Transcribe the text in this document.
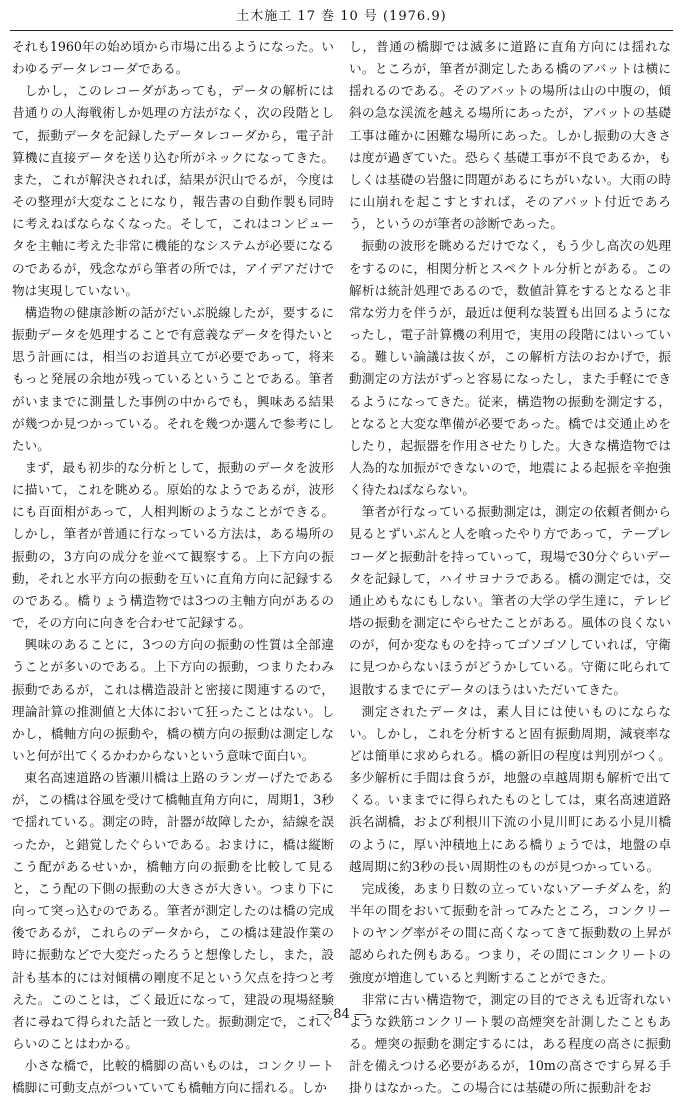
土木施工 17 巻 10 号 (1976.9)

それも1960年の始め頃から市場に出るようになった。いわゆるデータレコーダである。

しかし，このレコーダがあっても，データの解析には昔通りの人海戦術しか処理の方法がなく，次の段階として，振動データを記録したデータレコーダから，電子計算機に直接データを送り込む所がネックになってきた。また，これが解決されれば，結果が沢山でるが，今度はその整理が大変なことになり，報告書の自動作製も同時に考えねばならなくなった。そして，これはコンピュータを主軸に考えた非常に機能的なシステムが必要になるのであるが，残念ながら筆者の所では，アイデアだけで物は実現していない。

構造物の健康診断の話がだいぶ脱線したが，要するに振動データを処理することで有意義なデータを得たいと思う計画には，相当のお道具立てが必要であって，将来もっと発展の余地が残っているということである。筆者がいままでに測量した事例の中からでも，興味ある結果が幾つか見つかっている。それを幾つか選んで参考にしたい。

まず，最も初歩的な分析として，振動のデータを波形に描いて，これを眺める。原始的なようであるが，波形にも百面相があって，人相判断のようなことができる。しかし，筆者が普通に行なっている方法は，ある場所の振動の，3方向の成分を並べて観察する。上下方向の振動，それと水平方向の振動を互いに直角方向に記録するのである。橋りょう構造物では3つの主軸方向があるので，その方向に向きを合わせて記録する。

興味のあることに，3つの方向の振動の性質は全部違うことが多いのである。上下方向の振動，つまりたわみ振動であるが，これは構造設計と密接に関連するので，理論計算の推測値と大体において狂ったことはない。しかし，橋軸方向の振動や，橋の横方向の振動は測定しないと何が出てくるかわからないという意味で面白い。

東名高速道路の皆瀬川橋は上路のランガーげたであるが，この橋は谷風を受けて橋軸直角方向に，周期1，3秒で揺れている。測定の時，計器が故障したか，結線を誤ったか，と錯覚したぐらいである。おまけに，橋は縦断こう配があるせいか，橋軸方向の振動を比較して見ると，こう配の下側の振動の大きさが大きい。つまり下に向って突っ込むのである。筆者が測定したのは橋の完成後であるが，これらのデータから，この橋は建設作業の時に振動などで大変だったろうと想像したし，また，設計も基本的には対傾構の剛度不足という欠点を持つと考えた。このことは，ごく最近になって，建設の現場経験者に尋ねて得られた話と一致した。振動測定で，これぐらいのことはわかる。

小さな橋で，比較的橋脚の高いものは，コンクリート橋脚に可動支点がついていても橋軸方向に揺れる。しか

し，普通の橋脚では滅多に道路に直角方向には揺れない。ところが，筆者が測定したある橋のアバットは横に揺れるのである。そのアバットの場所は山の中腹の，傾斜の急な渓流を越える場所にあったが，アバットの基礎工事は確かに困難な場所にあった。しかし振動の大きさは度が過ぎていた。恐らく基礎工事が不良であるか，もしくは基礎の岩盤に問題があるにちがいない。大雨の時に山崩れを起こすとすれば，そのアバット付近であろう，というのが筆者の診断であった。

振動の波形を眺めるだけでなく，もう少し高次の処理をするのに，相関分析とスペクトル分析とがある。この解析は統計処理であるので，数値計算をするとなると非常な労力を伴うが，最近は便利な装置も出回るようになったし，電子計算機の利用で，実用の段階にはいっている。難しい論議は抜くが，この解析方法のおかげで，振動測定の方法がずっと容易になったし，また手軽にできるようになってきた。従来，構造物の振動を測定する，となると大変な準備が必要であった。橋では交通止めをしたり，起振器を作用させたりした。大きな構造物では人為的な加振ができないので，地震による起振を辛抱強く待たねばならない。

筆者が行なっている振動測定は，測定の依頼者側から見るとずいぶんと人を喰ったやり方であって，テープレコーダと振動計を持っていって，現場で30分ぐらいデータを記録して，ハイサヨナラである。橋の測定では，交通止めもなにもしない。筆者の大学の学生達に，テレビ塔の振動を測定にやらせたことがある。風体の良くないのが，何か変なものを持ってゴソゴソしていれば，守衛に見つからないほうがどうかしている。守衛に叱られて退散するまでにデータのほうはいただいてきた。

測定されたデータは，素人目には使いものにならない。しかし，これを分析すると固有振動周期，減衰率などは簡単に求められる。橋の新旧の程度は判別がつく。多少解析に手間は食うが，地盤の卓越周期も解析で出てくる。いままでに得られたものとしては，東名高速道路浜名湖橋，および利根川下流の小見川町にある小見川橋のように，厚い沖積地上にある橋りょうでは，地盤の卓越周期に約3秒の長い周期性のものが見つかっている。

完成後，あまり日数の立っていないアーチダムを，約半年の間をおいて振動を計ってみたところ，コンクリートのヤング率がその間に高くなってきて振動数の上昇が認められた例もある。つまり，その間にコンクリートの強度が増進していると判断することができた。

非常に古い構造物で，測定の目的でさえも近寄れないような鉄筋コンクリート製の高煙突を計測したこともある。煙突の振動を測定するには，ある程度の高さに振動計を備えつける必要があるが，10mの高さですら昇る手掛りはなかった。この場合には基礎の所に振動計をお

— 84 —
